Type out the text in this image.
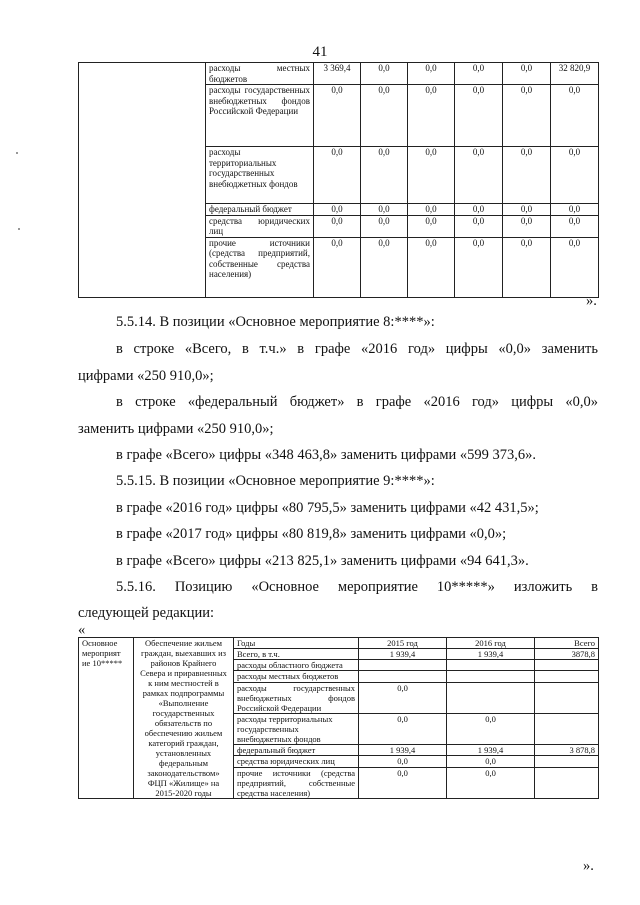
41
	расходы местных бюджетов	3 369,4	0,0	0,0	0,0	0,0	32 820,9
	расходы государственных внебюджетных фондов Российской Федерации	0,0	0,0	0,0	0,0	0,0	0,0
	расходы территориальных государственных внебюджетных фондов	0,0	0,0	0,0	0,0	0,0	0,0
	федеральный бюджет	0,0	0,0	0,0	0,0	0,0	0,0
	средства юридических лиц	0,0	0,0	0,0	0,0	0,0	0,0
	прочие источники (средства предприятий, собственные средства населения)	0,0	0,0	0,0	0,0	0,0	0,0
».
5.5.14. В позиции «Основное мероприятие 8:****»:
в строке «Всего, в т.ч.» в графе «2016 год» цифры «0,0» заменить
цифрами «250 910,0»;
в строке «федеральный бюджет» в графе «2016 год» цифры «0,0»
заменить цифрами «250 910,0»;
в графе «Всего» цифры «348 463,8» заменить цифрами «599 373,6».
5.5.15. В позиции «Основное мероприятие 9:****»:
в графе «2016 год» цифры «80 795,5» заменить цифрами «42 431,5»;
в графе «2017 год» цифры «80 819,8» заменить цифрами «0,0»;
в графе «Всего» цифры «213 825,1» заменить цифрами «94 641,3».
5.5.16. Позицию «Основное мероприятие 10*****» изложить в
следующей редакции:
«
Основное мероприят ие 10*****	Обеспечение жильем граждан, выехавших из районов Крайнего Севера и приравненных к ним местностей в рамках подпрограммы «Выполнение государственных обязательств по обеспечению жильем категорий граждан, установленных федеральным законодательством» ФЦП «Жилище» на 2015-2020 годы	Годы	2015 год	2016 год	Всего
		Всего, в т.ч.	1 939,4	1 939,4	3878,8
		расходы областного бюджета			
		расходы местных бюджетов			
		расходы государственных внебюджетных фондов Российской Федерации	0,0		
		расходы территориальных государственных внебюджетных фондов	0,0	0,0	
		федеральный бюджет	1 939,4	1 939,4	3 878,8
		средства юридических лиц	0,0	0,0	
		прочие источники (средства предприятий, собственные средства населения)	0,0	0,0	
».
